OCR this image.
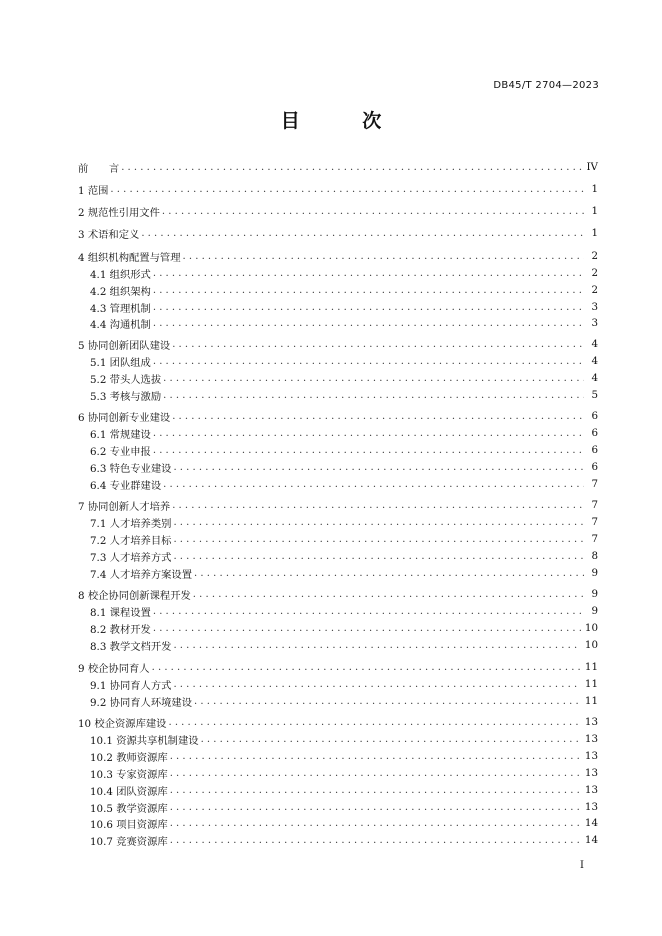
DB45/T 2704—2023
目 次
前　　言 . . .	IV
1 范围 . . .	1
2 规范性引用文件 . . .	1
3 术语和定义 . . .	1
4 组织机构配置与管理 . . .	2
4.1 组织形式 . . .	2
4.2 组织架构 . . .	2
4.3 管理机制 . . .	3
4.4 沟通机制 . . .	3
5 协同创新团队建设 . . .	4
5.1 团队组成 . . .	4
5.2 带头人选拔 . . .	4
5.3 考核与激励 . . .	5
6 协同创新专业建设 . . .	6
6.1 常规建设 . . .	6
6.2 专业申报 . . .	6
6.3 特色专业建设 . . .	6
6.4 专业群建设 . . .	7
7 协同创新人才培养 . . .	7
7.1 人才培养类别 . . .	7
7.2 人才培养目标 . . .	7
7.3 人才培养方式 . . .	8
7.4 人才培养方案设置 . . .	9
8 校企协同创新课程开发 . . .	9
8.1 课程设置 . . .	9
8.2 教材开发 . . .	10
8.3 教学文档开发 . . .	10
9 校企协同育人 . . .	11
9.1 协同育人方式 . . .	11
9.2 协同育人环境建设 . . .	11
10 校企资源库建设 . . .	13
10.1 资源共享机制建设 . . .	13
10.2 教师资源库 . . .	13
10.3 专家资源库 . . .	13
10.4 团队资源库 . . .	13
10.5 教学资源库 . . .	13
10.6 项目资源库 . . .	14
10.7 竞赛资源库 . . .	14
I
